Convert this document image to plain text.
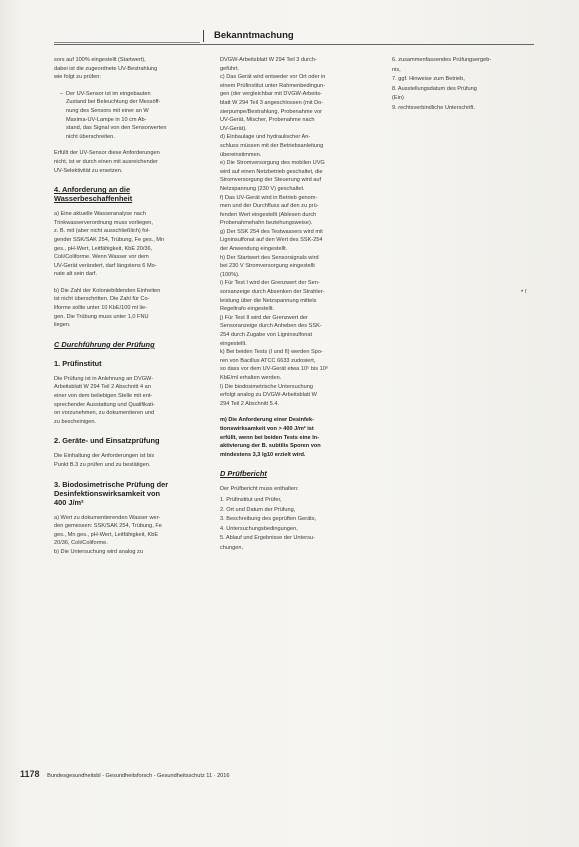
Bekanntmachung

sors auf 100% eingestellt (Startwert),
dabei ist die zugeordnete UV-Bestrahlung
wie folgt zu prüfen:

– Der UV-Sensor ist im eingebauten
Zustand bei Beleuchtung der Messöff-
nung des Sensors mit einer an W
Maxima-UV-Lampe in 10 cm Ab-
stand, das Signal von den Sensorwerten
nicht überschreiten.

Erfüllt der UV-Sensor diese Anforderungen
nicht, ist er durch einen mit ausreichender
UV-Selektivität zu ersetzen.

4. Anforderung an die
Wasserbeschaffenheit

a) Eine aktuelle Wasseranalyse nach
Trinkwasserverordnung muss vorliegen,
z. B. mit (aber nicht ausschließlich) fol-
gender SSK/SAK 254, Trübung, Fe ges., Mn
ges., pH-Wert, Leitfähigkeit, KbE 20/36,
Coli/Coliforme. Wenn Wasser vor dem
UV-Gerät verändert, darf längstens 6 Mo-
nate alt sein darf.

b) Die Zahl der Koloniebildenden Einheiten
ist nicht überschritten. Die Zahl für Co-
liforme sollte unter 10 KbE/100 ml lie-
gen. Die Trübung muss unter 1,0 FNU
liegen.

C Durchführung der Prüfung
1. Prüfinstitut

Die Prüfung ist in Anlehnung an DVGW-
Arbeitsblatt W 294 Teil 2 Abschnitt 4 an
einer von dem beliebigen Stelle mit ent-
sprechender Ausstattung und Qualifikati-
on vorzunehmen, zu dokumentieren und
zu bescheinigen.

2. Geräte- und Einsatzprüfung

Die Einhaltung der Anforderungen ist bis
Punkt B.3 zu prüfen und zu bestätigen.

3. Biodosimetrische Prüfung der
Desinfektionswirksamkeit von
400 J/m²

a) Wert zu dokumentierenden Wasser wer-
den gemessen: SSK/SAK 254, Trübung, Fe
ges., Mn ges., pH-Wert, Leitfähigkeit, KbE
20/36, Coli/Coliforme.
b) Die Untersuchung wird analog zu

DVGW-Arbeitsblatt W 294 Teil 3 durch-
geführt.
c) Das Gerät wird entweder vor Ort oder in
einem Prüfinstitut unter Rahmenbedingun-
gen (der vergleichbar mit DVGW-Arbeits-
blatt W 294 Teil 3 angeschlossen (mit Do-
sierpumpe/Bestrahlung, Probenahme vor
UV-Gerät, Mischer, Probenahme nach
UV-Gerät).
d) Einbaulage und hydraulischer An-
schluss müssen mit der Betriebsanleitung
übereinstimmen.
e) Die Stromversorgung des mobilen UVG
wird auf einen Netzbetrieb geschaltet, die
Stromversorgung der Steuerung wird auf
Netzspannung (230 V) geschaltet.
f) Das UV-Gerät wird in Betrieb genom-
men und der Durchfluss auf den zu prü-
fenden Wert eingestellt (Ablesen durch
Probenahmehahn beziehungsweise).
g) Der SSK 254 des Testwassers wird mit
Ligninsulfonat auf den Wert des SSK-254
der Anwendung eingestellt.
h) Der Startwert des Sensorsignals wird
bei 230 V Stromversorgung eingestellt
(100%).
i) Für Test I wird der Grenzwert der Sen-
sorsanzeige durch Absenken der Strahler-
leistung über die Netzspannung mittels
Regeltrafo eingestellt.
j) Für Test II wird der Grenzwert der
Sensoranzeige durch Anheben des SSK-
254 durch Zugabe von Ligninsulfonat
eingestellt.
k) Bei beiden Tests (I und II) werden Spo-
ren von Bacillus ATCC 6633 zudosiert,
so dass vor dem UV-Gerät etwa 10⁵ bis 10⁶
KbE/ml erhalten werden.
l) Die biodosimetrische Untersuchung
erfolgt analog zu DVGW-Arbeitsblatt W
294 Teil 2 Abschnitt 5.4.

m) Die Anforderung einer Desinfek-
tionswirksamkeit von > 400 J/m² ist
erfüllt, wenn bei beiden Tests eine In-
aktivierung der B. subtilis Sporen von
mindestens 3,3 lg10 erzielt wird.

D Prüfbericht

Der Prüfbericht muss enthalten:

1. Prüfinstitut und Prüfer,
2. Ort und Datum der Prüfung,
3. Beschreibung des geprüften Geräts,
4. Untersuchungsbedingungen,
5. Ablauf und Ergebnisse der Untersu-
chungen,
6. zusammenfassendes Prüfungsergeb-
nis,
7. ggf. Hinweise zum Betrieb,
8. Ausstellungsdatum des Prüfung
(Ein)
9. rechtsverbindliche Unterschrift.
• r
1178 Bundesgesundheitsbl - Gesundheitsforsch - Gesundheitsschutz 11 · 2016
